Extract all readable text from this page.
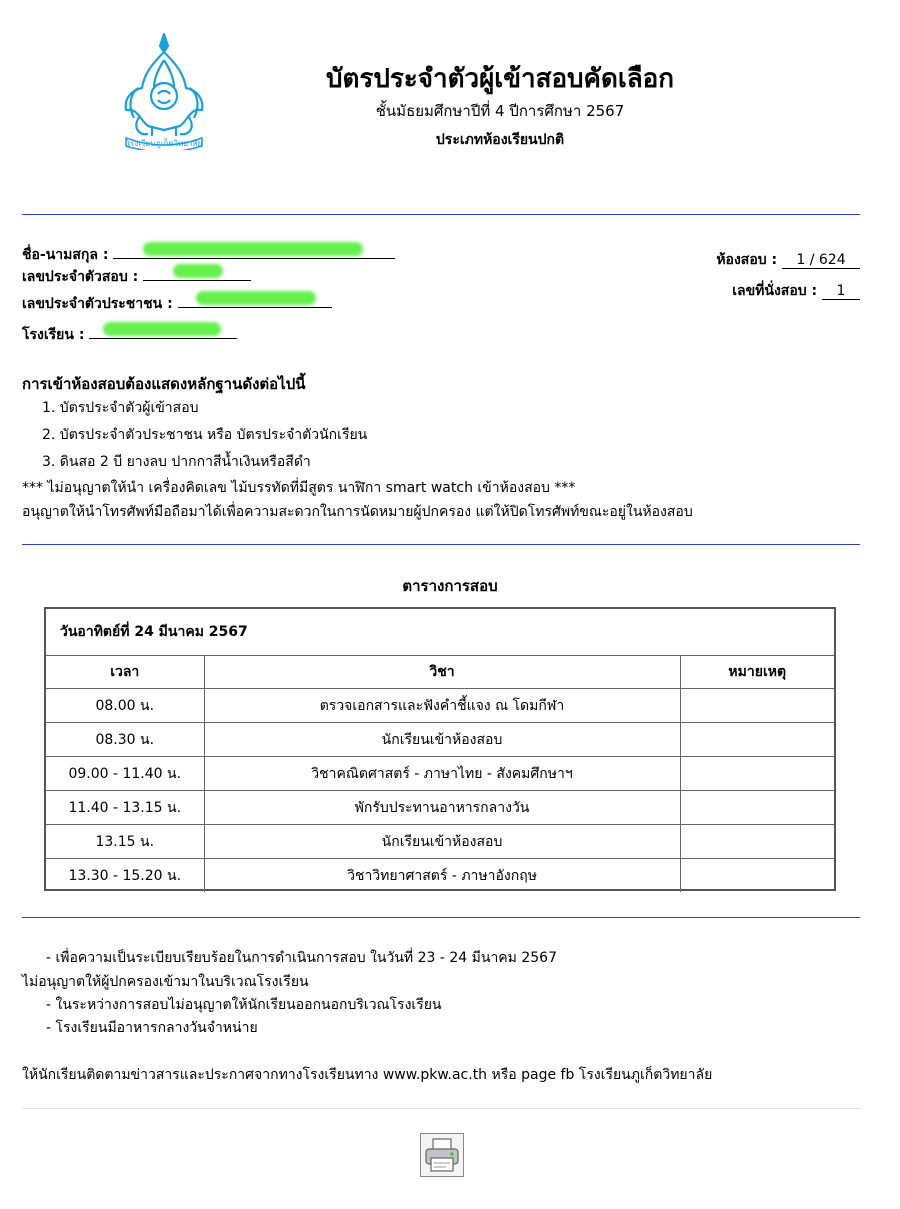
โรงเรียนภูเก็ตวิทยาลัย
บัตรประจำตัวผู้เข้าสอบคัดเลือก
ชั้นมัธยมศึกษาปีที่ 4 ปีการศึกษา 2567
ประเภทห้องเรียนปกติ
ชื่อ-นามสกุล :
เลขประจำตัวสอบ :
เลขประจำตัวประชาชน :
โรงเรียน :
ห้องสอบ : 1 / 624
เลขที่นั่งสอบ : 1
การเข้าห้องสอบต้องแสดงหลักฐานดังต่อไปนี้
1. บัตรประจำตัวผู้เข้าสอบ
2. บัตรประจำตัวประชาชน หรือ บัตรประจำตัวนักเรียน
3. ดินสอ 2 บี ยางลบ ปากกาสีน้ำเงินหรือสีดำ
*** ไม่อนุญาตให้นำ เครื่องคิดเลข ไม้บรรทัดที่มีสูตร นาฬิกา smart watch เข้าห้องสอบ ***
อนุญาตให้นำโทรศัพท์มือถือมาได้เพื่อความสะดวกในการนัดหมายผู้ปกครอง แต่ให้ปิดโทรศัพท์ขณะอยู่ในห้องสอบ
ตารางการสอบ
วันอาทิตย์ที่ 24 มีนาคม 2567
เวลา	วิชา	หมายเหตุ
08.00 น.	ตรวจเอกสารและฟังคำชี้แจง ณ โดมกีฬา	
08.30 น.	นักเรียนเข้าห้องสอบ	
09.00 - 11.40 น.	วิชาคณิตศาสตร์ - ภาษาไทย - สังคมศึกษาฯ	
11.40 - 13.15 น.	พักรับประทานอาหารกลางวัน	
13.15 น.	นักเรียนเข้าห้องสอบ	
13.30 - 15.20 น.	วิชาวิทยาศาสตร์ - ภาษาอังกฤษ	
- เพื่อความเป็นระเบียบเรียบร้อยในการดำเนินการสอบ ในวันที่ 23 - 24 มีนาคม 2567
ไม่อนุญาตให้ผู้ปกครองเข้ามาในบริเวณโรงเรียน
- ในระหว่างการสอบไม่อนุญาตให้นักเรียนออกนอกบริเวณโรงเรียน
- โรงเรียนมีอาหารกลางวันจำหน่าย
ให้นักเรียนติดตามข่าวสารและประกาศจากทางโรงเรียนทาง www.pkw.ac.th หรือ page fb โรงเรียนภูเก็ตวิทยาลัย
